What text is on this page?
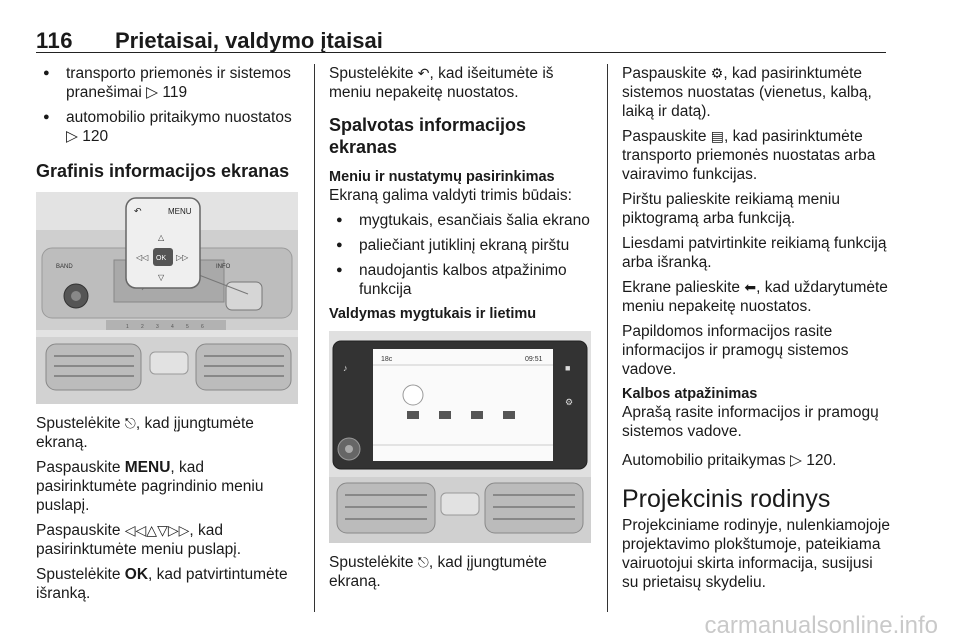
116 Prietaisai, valdymo įtaisai
● transporto priemonės ir sistemos pranešimai ▷ 119
● automobilio pritaikymo nuostatos ▷ 120
Grafinis informacijos ekranas
BAND	INFO
1 2 3 4 5 6
↶	MENU
OK
△
▽
◁◁	▷▷

Spustelėkite ⎋, kad įjungtumėte ekraną.

Paspauskite MENU, kad pasirinktumėte pagrindinio meniu puslapį.

Paspauskite ◁◁△▽▷▷, kad pasirinktumėte meniu puslapį.

Spustelėkite OK, kad patvirtintumėte išranką.

Spustelėkite ↶, kad išeitumėte iš meniu nepakeitę nuostatos.

Spalvotas informacijos ekranas
Meniu ir nustatymų pasirinkimas

Ekraną galima valdyti trimis būdais:

● mygtukais, esančiais šalia ekrano
● paliečiant jutiklinį ekraną pirštu
● naudojantis kalbos atpažinimo funkcija
Valdymas mygtukais ir lietimu
18c	09:51
♪	■
⚙

Spustelėkite ⎋, kad įjungtumėte ekraną.

Paspauskite ⚙, kad pasirinktumėte sistemos nuostatas (vienetus, kalbą, laiką ir datą).

Paspauskite ▤, kad pasirinktumėte transporto priemonės nuostatas arba vairavimo funkcijas.

Pirštu palieskite reikiamą meniu piktogramą arba funkciją.

Liesdami patvirtinkite reikiamą funkciją arba išranką.

Ekrane palieskite ⬅, kad uždarytumėte meniu nepakeitę nuostatos.

Papildomos informacijos rasite informacijos ir pramogų sistemos vadove.

Kalbos atpažinimas

Aprašą rasite informacijos ir pramogų sistemos vadove.

Automobilio pritaikymas ▷ 120.

Projekcinis rodinys

Projekciniame rodinyje, nulenkiamojoje projektavimo plokštumoje, pateikiama vairuotojui skirta informacija, susijusi su prietaisų skydeliu.

carmanualsonline.info
